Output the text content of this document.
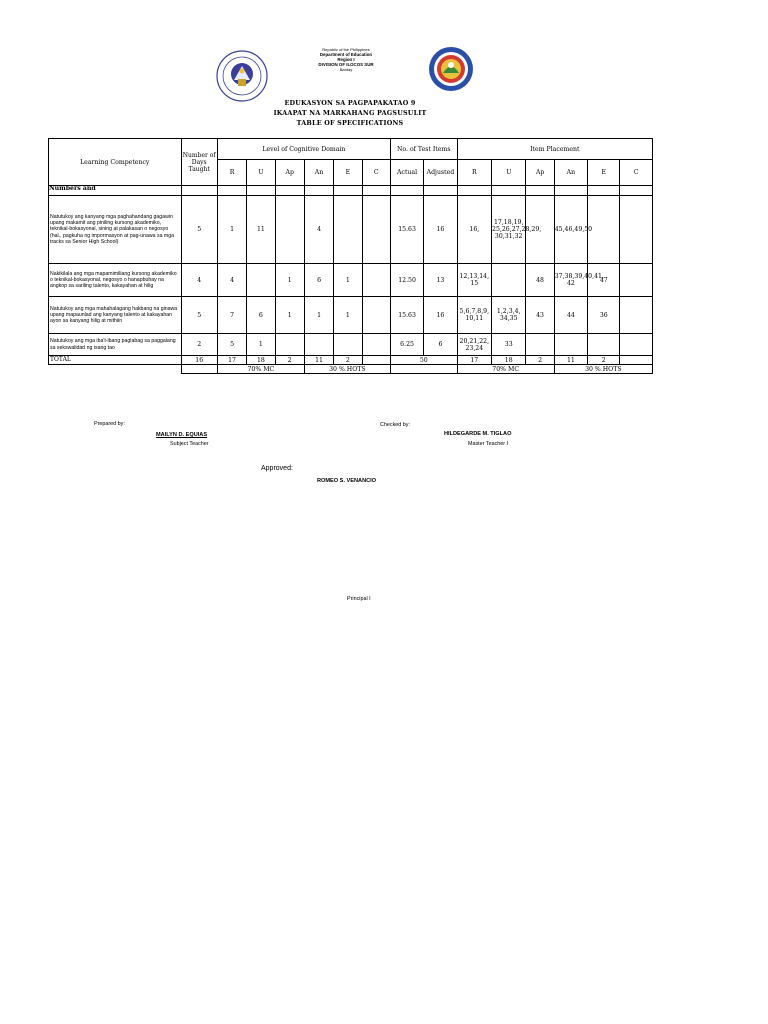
Republic of the Philippines
Department of Education
Region I
DIVISION OF ILOCOS SUR
Bantay
EDUKASYON SA PAGPAPAKATAO 9
IKAAPAT NA MARKAHANG PAGSUSULIT
TABLE OF SPECIFICATIONS
Learning Competency	Number of Days Taught	Level of Cognitive Domain						No. of Test Items		Item Placement					
		R	U	Ap	An	E	C	Actual	Adjusted	R	U	Ap	An	E	C
Numbers and															
Natutukoy ang kanyang mga paghahandang gagawin upang makamit ang piniling kursong akademiko, teknikal-bokasyonal, sining at palakasan o negosyo (hal., pagkuha ng impormasyon at pag-unawa sa mga tracks sa Senior High School)	5	1	11		4			15.63	16	16,	17,18,19, 25,26,27,28,29, 30,31,32		45,46,49,50		
Nakikilala ang mga mapamimiliang kursong akademiko o teknikal-bokasyonal, negosyo o hanapbuhay na angkop sa sariling talento, kakayahan at hilig	4	4		1	6	1		12.50	13	12,13,14, 15		48	37,38,39,40,41, 42	47	
Natutukoy ang mga mahahalagang hakbang na ginawa upang mapaunlad ang kanyang talento at kakayahan ayon sa kanyang hilig at mithiin	5	7	6	1	1	1		15.63	16	5,6,7,8,9, 10,11	1,2,3,4, 34,35	43	44	36	
Natutukoy ang mga iba't-ibang paglabag sa paggalang sa sekswalidad ng isang tao	2	5	1					6.25	6	20,21,22, 23,24	33				
TOTAL	16	17	18	2	11	2		50		17	18	2	11	2	
		70% MC			30 % HOTS					70% MC			30 % HOTS		
Prepared by:
MAILYN D. EQUIAS
Subject Teacher
Checked by:
HILDEGARDE M. TIGLAO
Master Teacher I
Approved:
ROMEO S. VENANCIO
Principal I
